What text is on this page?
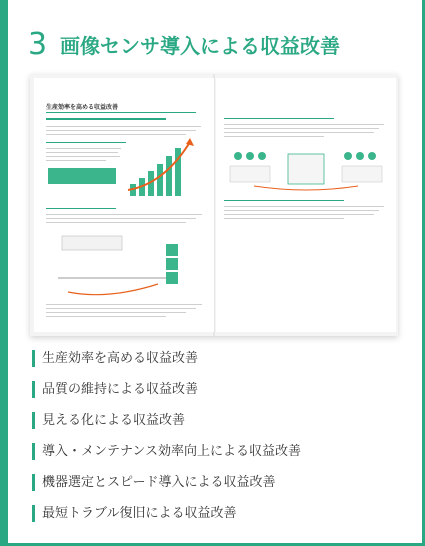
3 画像センサ導入による収益改善
生産効率を高める収益改善
生産効率を高める収益改善
品質の維持による収益改善
見える化による収益改善
導入・メンテナンス効率向上による収益改善
機器選定とスピード導入による収益改善
最短トラブル復旧による収益改善
